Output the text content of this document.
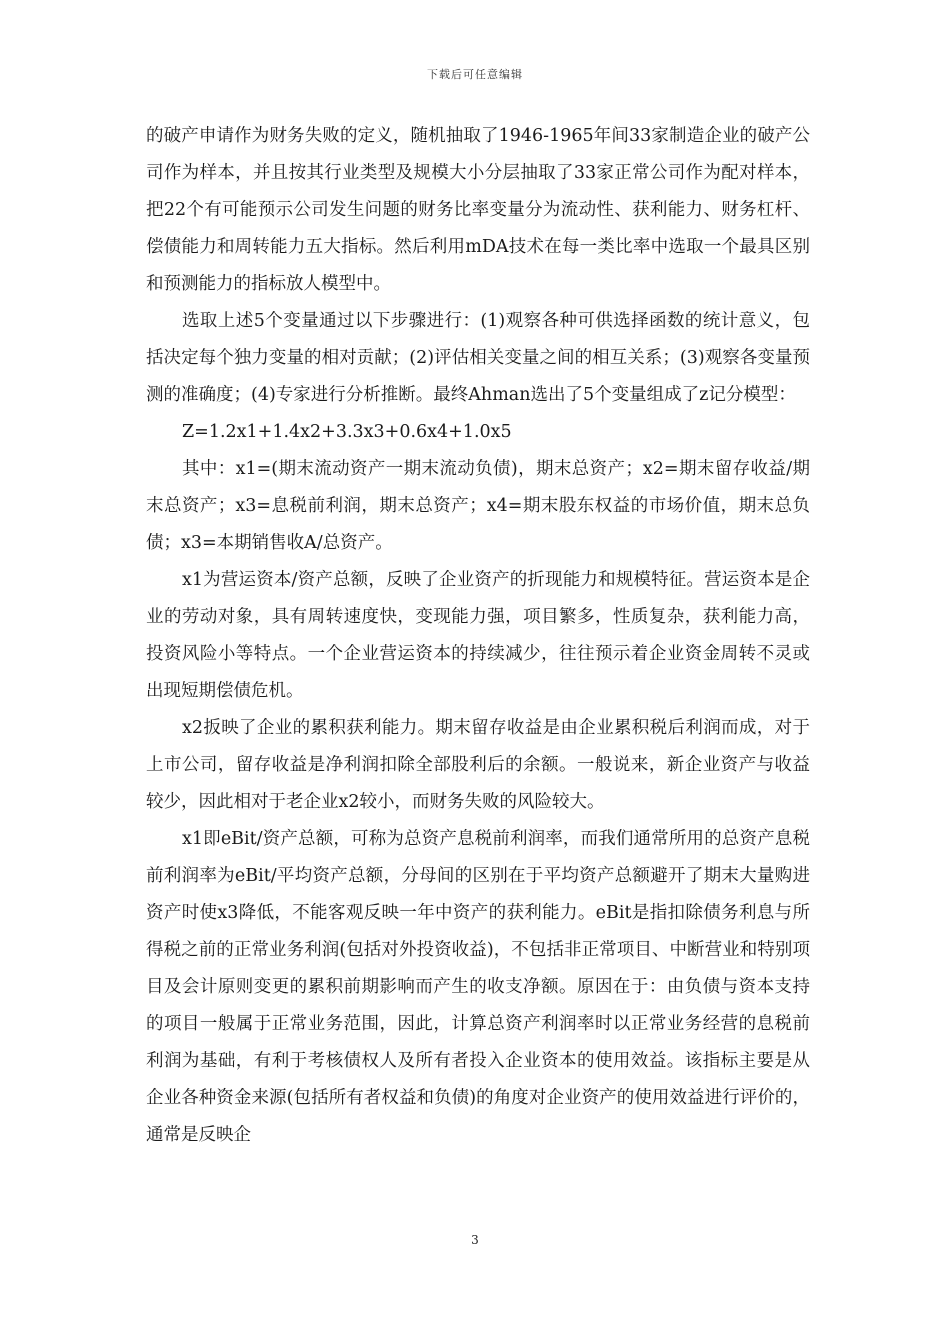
下载后可任意编辑

的破产申请作为财务失败的定义，随机抽取了1946-1965年间33家制造企业的破产公司作为样本，并且按其行业类型及规模大小分层抽取了33家正常公司作为配对样本，把22个有可能预示公司发生问题的财务比率变量分为流动性、获利能力、财务杠杆、偿债能力和周转能力五大指标。然后利用mDA技术在每一类比率中选取一个最具区别和预测能力的指标放人模型中。

选取上述5个变量通过以下步骤进行：(1)观察各种可供选择函数的统计意义，包括决定每个独力变量的相对贡献；(2)评估相关变量之间的相互关系；(3)观察各变量预测的准确度；(4)专家进行分析推断。最终Ahman选出了5个变量组成了z记分模型：

Z=1.2x1+1.4x2+3.3x3+0.6x4+1.0x5

其中：x1=(期末流动资产一期末流动负债)，期末总资产；x2=期末留存收益/期末总资产；x3=息税前利润，期末总资产；x4=期末股东权益的市场价值，期末总负债；x3=本期销售收A/总资产。

x1为营运资本/资产总额，反映了企业资产的折现能力和规模特征。营运资本是企业的劳动对象，具有周转速度快，变现能力强，项目繁多，性质复杂，获利能力高，投资风险小等特点。一个企业营运资本的持续减少，往往预示着企业资金周转不灵或出现短期偿债危机。

x2扳映了企业的累积获利能力。期末留存收益是由企业累积税后利润而成，对于上市公司，留存收益是净利润扣除全部股利后的余额。一般说来，新企业资产与收益较少，因此相对于老企业x2较小，而财务失败的风险较大。

x1即eBit/资产总额，可称为总资产息税前利润率，而我们通常所用的总资产息税前利润率为eBit/平均资产总额，分母间的区别在于平均资产总额避开了期末大量购进资产时使x3降低，不能客观反映一年中资产的获利能力。eBit是指扣除债务利息与所得税之前的正常业务利润(包括对外投资收益)，不包括非正常项目、中断营业和特别项目及会计原则变更的累积前期影响而产生的收支净额。原因在于：由负债与资本支持的项目一般属于正常业务范围，因此，计算总资产利润率时以正常业务经营的息税前利润为基础，有利于考核债权人及所有者投入企业资本的使用效益。该指标主要是从企业各种资金来源(包括所有者权益和负债)的角度对企业资产的使用效益进行评价的，通常是反映企

3
